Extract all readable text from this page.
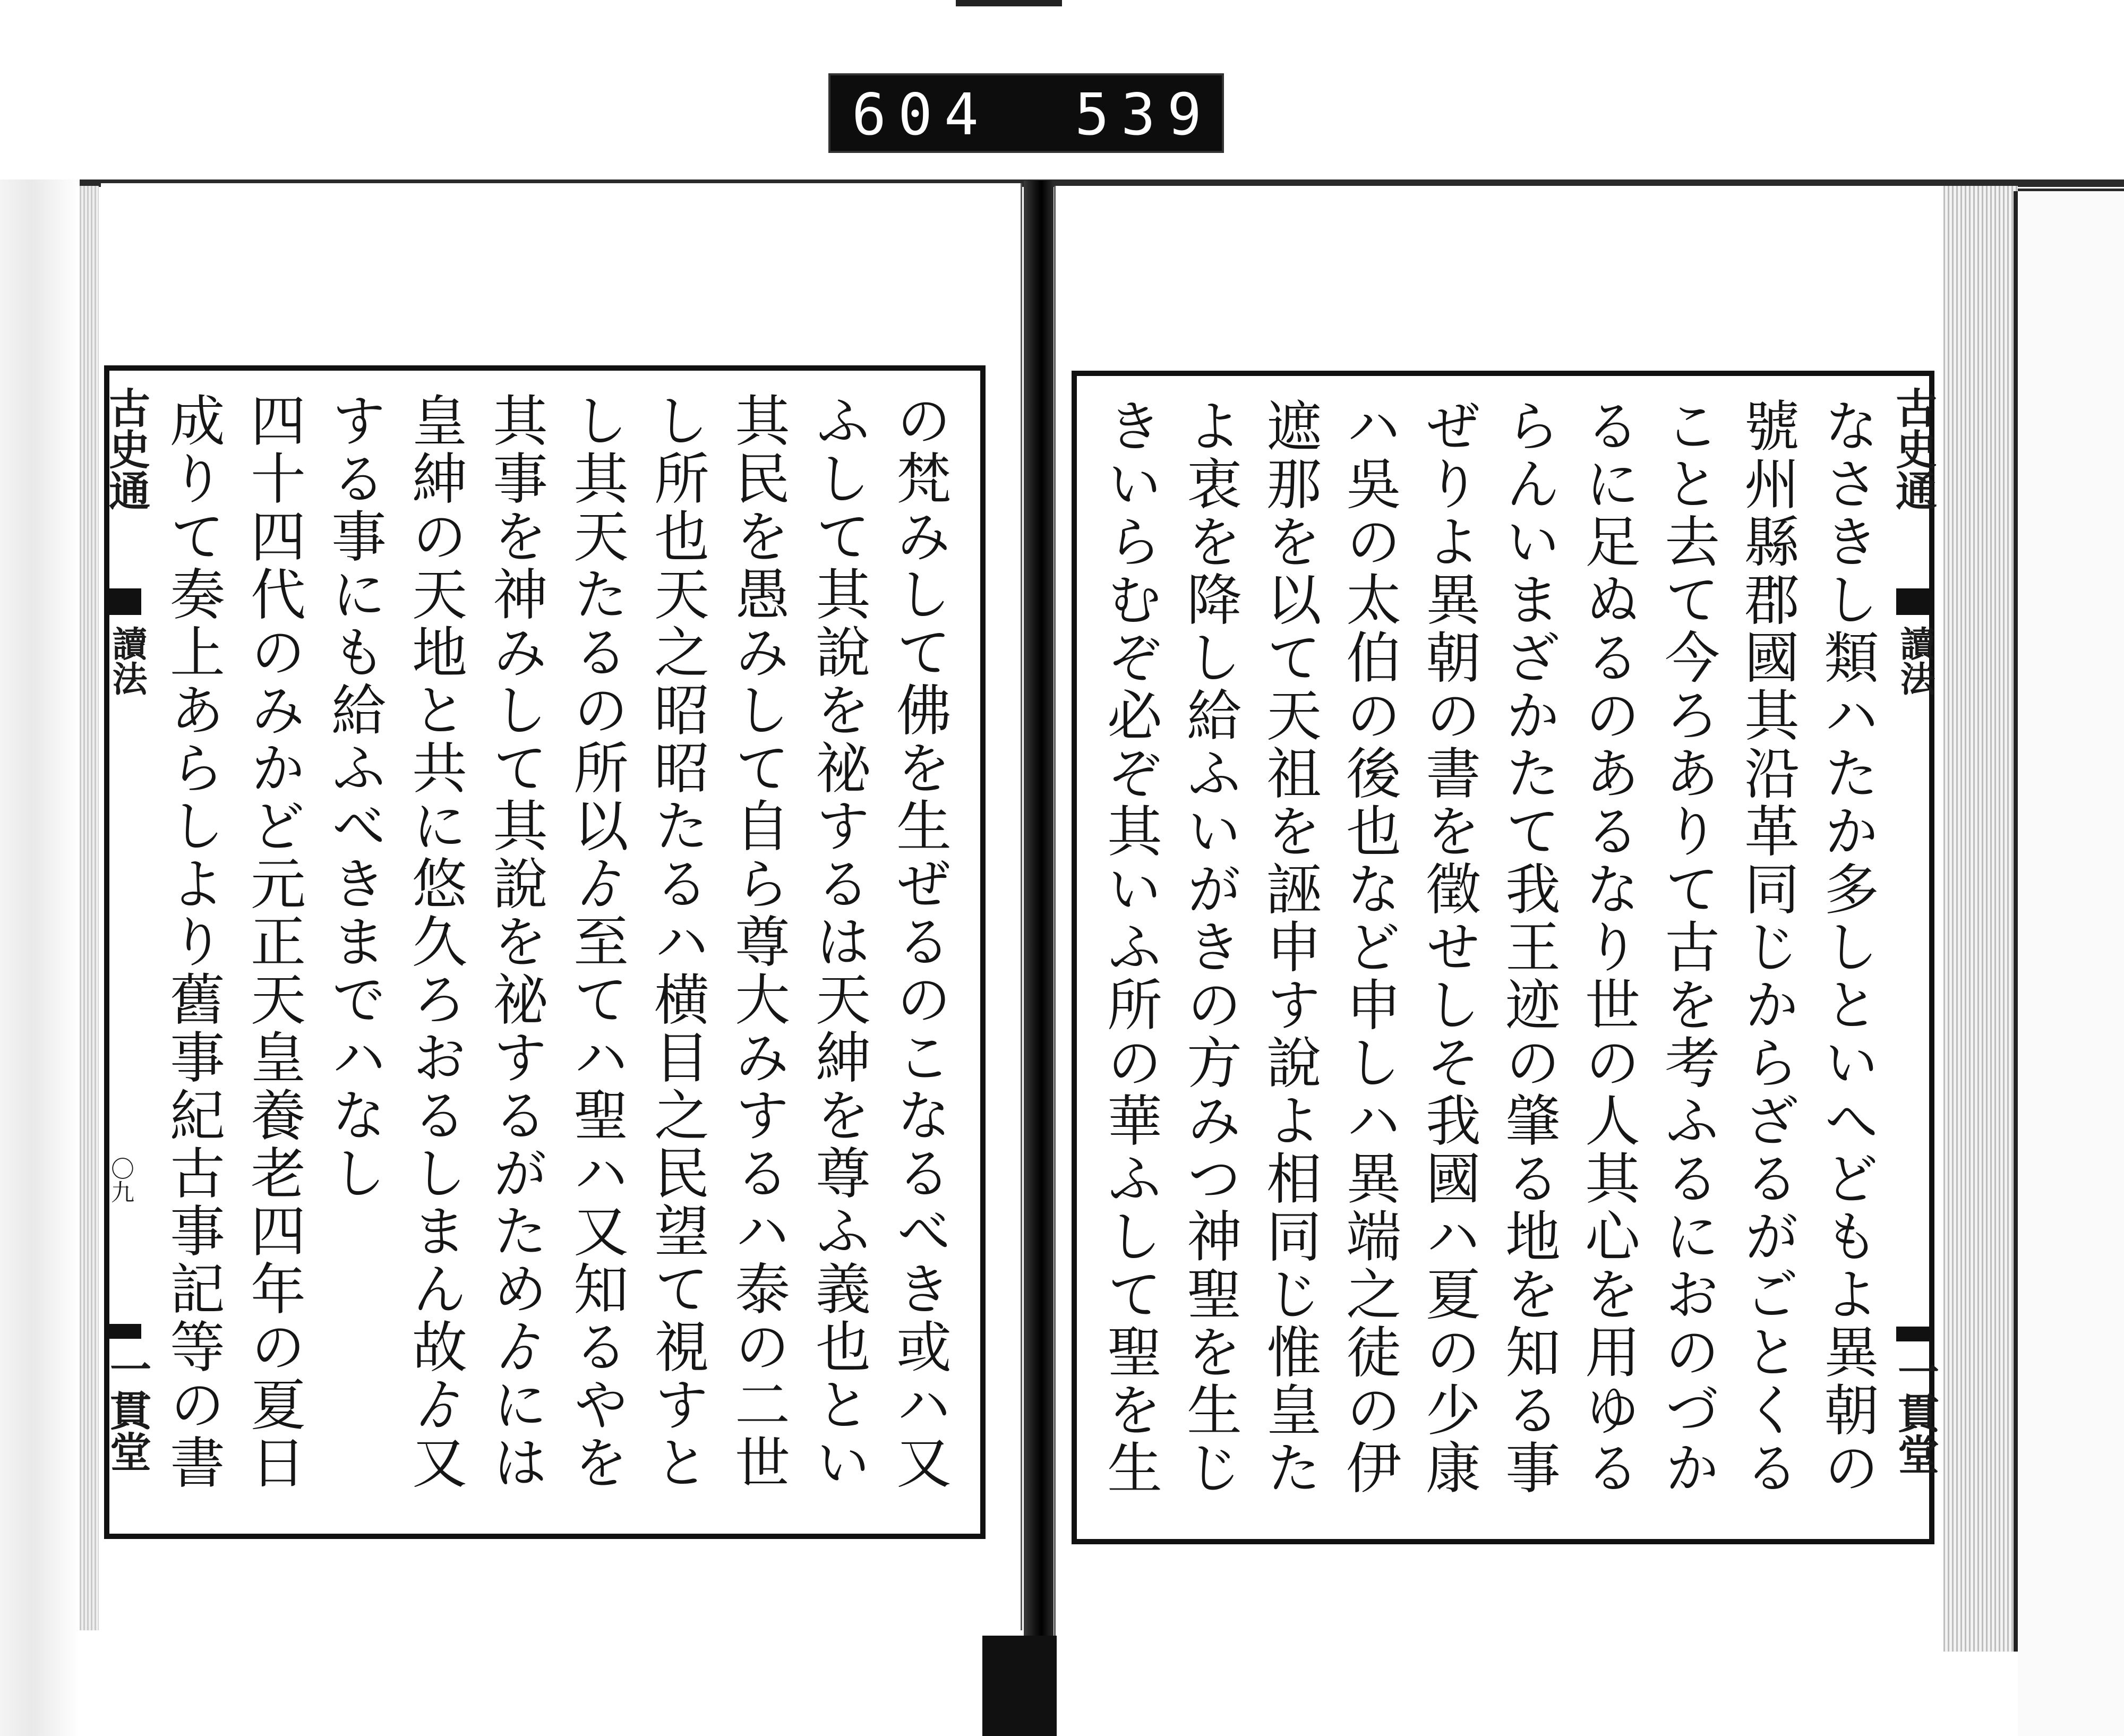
604 539.
古史通
讀法
〇九
一貫堂
の梵みして佛を生ぜるのこなるべき或ハ又
ふして其說を祕するは天紳を尊ふ義也とい
其民を愚みして自ら尊大みするハ泰の二世
し所也天之昭昭たるハ横目之民望て視すと
し其天たるの所以ゟ至てハ聖ハ又知るやを
其事を神みして其說を祕するがためゟには
皇紳の天地と共に悠久ろおるしまん故ゟ又
する事にも給ふべきまでハなし
四十四代のみかど元正天皇養老四年の夏日
成りて奏上あらしより舊事紀古事記等の書
なさきし類ハたか多しといへどもよ異朝の
號州縣郡國其沿革同じからざるがごとくる
こと去て今ろありて古を考ふるにおのづか
るに足ぬるのあるなり世の人其心を用ゆる
らんいまざかたて我王迹の肇る地を知る事
ぜりよ異朝の書を徵せしそ我國ハ夏の少康
ハ吳の太伯の後也など申しハ異端之徒の伊
遮那を以て天祖を誣申す說よ相同じ惟皇た
よ衷を降し給ふいがきの方みつ神聖を生じ
きいらむぞ必ぞ其いふ所の華ふして聖を生
古史通
讀法
一貫堂
